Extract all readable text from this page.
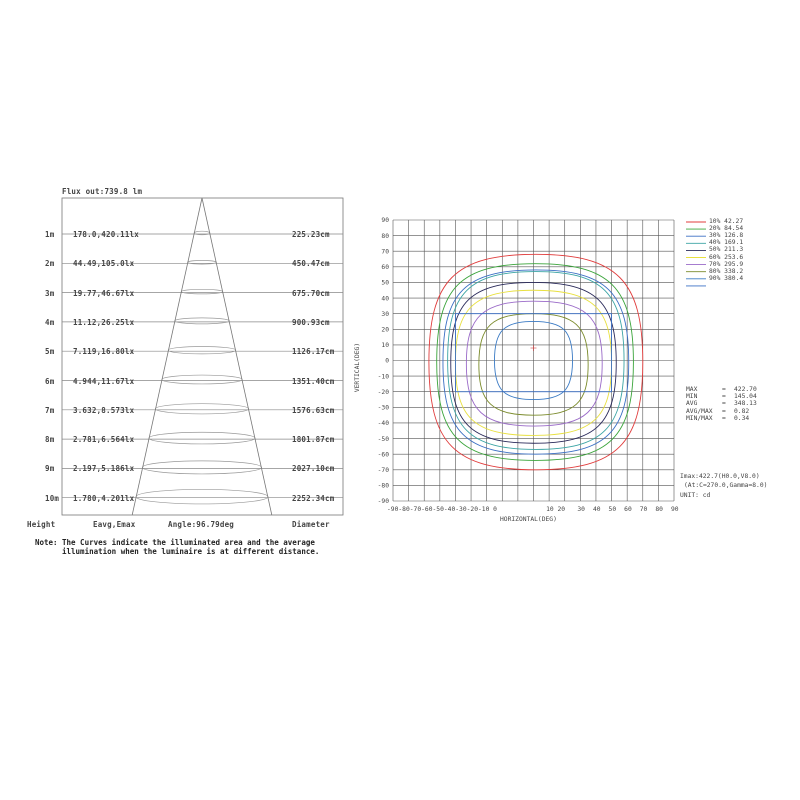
Flux out:739.8 lm
1m 178.0,420.11lx	225.23cm
2m 44.49,105.0lx	450.47cm
3m 19.77,46.67lx	675.70cm
4m 11.12,26.25lx	900.93cm
5m 7.119,16.80lx	1126.17cm
6m 4.944,11.67lx	1351.40cm
7m 3.632,8.573lx	1576.63cm
8m 2.781,6.564lx	1801.87cm
9m 2.197,5.186lx	2027.10cm
10m 1.780,4.201lx	2252.34cm
Height	Eavg,Emax	Angle:96.79deg	Diameter
Note: The Curves indicate the illuminated area and the average
illumination when the luminaire is at different distance.
90
80
70
60
50
40
30
20
10
0
-10
-20
-30
-40
-50
-60
-70
-80
-90
-90-80-70-60-50-40-30-20-10 0	10 20 30 40 50 60 70 80 90
HORIZONTAL(DEG)
VERTICAL(DEG)
10% 42.27
20% 84.54
30% 126.8
40% 169.1
50% 211.3
60% 253.6
70% 295.9
80% 338.2
90% 380.4
MAX	= 422.70
MIN	= 145.04
AVG	= 348.13
AVG/MAX = 0.82
MIN/MAX = 0.34
Imax:422.7(H0.0,V8.0)
(At:C=270.0,Gamma=8.0)
UNIT: cd
